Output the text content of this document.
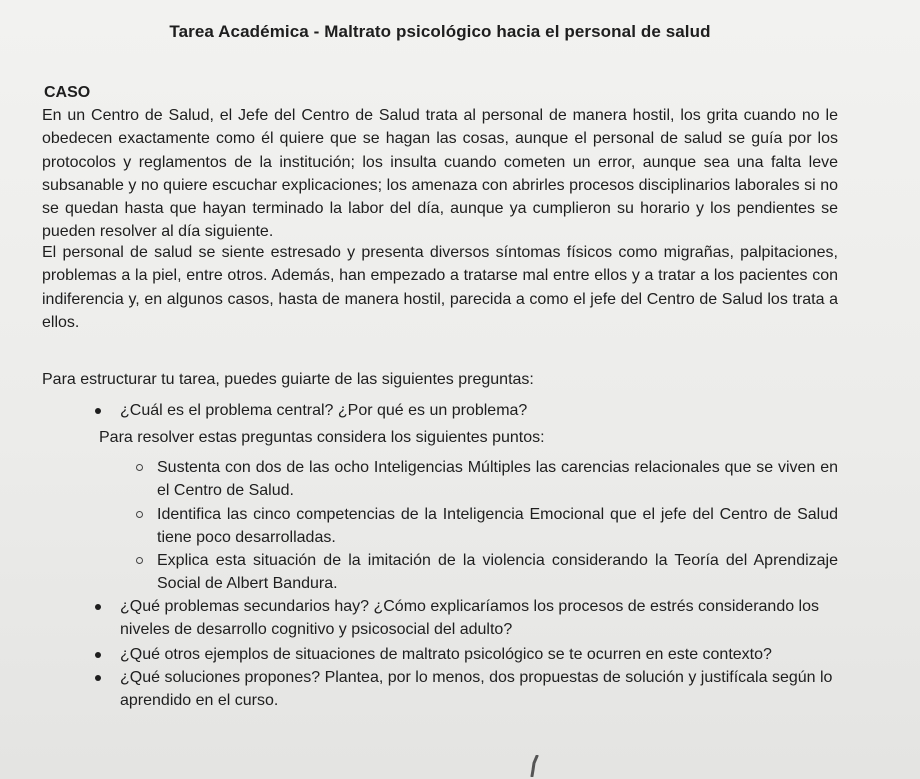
Tarea Académica - Maltrato psicológico hacia el personal de salud
CASO
En un Centro de Salud, el Jefe del Centro de Salud trata al personal de manera hostil, los grita cuando no le obedecen exactamente como él quiere que se hagan las cosas, aunque el personal de salud se guía por los protocolos y reglamentos de la institución; los insulta cuando cometen un error, aunque sea una falta leve subsanable y no quiere escuchar explicaciones; los amenaza con abrirles procesos disciplinarios laborales si no se quedan hasta que hayan terminado la labor del día, aunque ya cumplieron su horario y los pendientes se pueden resolver al día siguiente.
El personal de salud se siente estresado y presenta diversos síntomas físicos como migrañas, palpitaciones, problemas a la piel, entre otros. Además, han empezado a tratarse mal entre ellos y a tratar a los pacientes con indiferencia y, en algunos casos, hasta de manera hostil, parecida a como el jefe del Centro de Salud los trata a ellos.
Para estructurar tu tarea, puedes guiarte de las siguientes preguntas:
¿Cuál es el problema central? ¿Por qué es un problema?
Para resolver estas preguntas considera los siguientes puntos:
Sustenta con dos de las ocho Inteligencias Múltiples las carencias relacionales que se viven en el Centro de Salud.
Identifica las cinco competencias de la Inteligencia Emocional que el jefe del Centro de Salud tiene poco desarrolladas.
Explica esta situación de la imitación de la violencia considerando la Teoría del Aprendizaje Social de Albert Bandura.
¿Qué problemas secundarios hay? ¿Cómo explicaríamos los procesos de estrés considerando los niveles de desarrollo cognitivo y psicosocial del adulto?
¿Qué otros ejemplos de situaciones de maltrato psicológico se te ocurren en este contexto?
¿Qué soluciones propones? Plantea, por lo menos, dos propuestas de solución y justifícala según lo aprendido en el curso.
